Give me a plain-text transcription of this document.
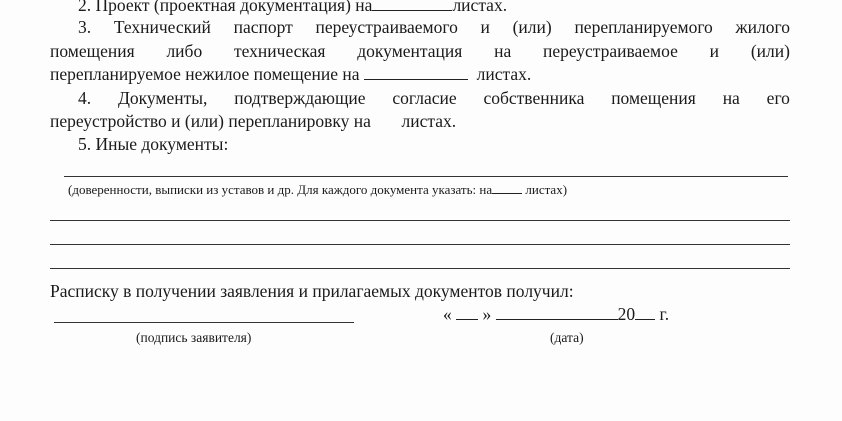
2. Проект (проектная документация) на	листах.
3. Технический паспорт переустраиваемого и (или) перепланируемого жилого
помещения либо техническая документация на переустраиваемое и (или)
перепланируемое нежилое помещение на	листах.
4. Документы, подтверждающие согласие собственника помещения на его
переустройство и (или) перепланировку на       листах.
5. Иные документы:
(доверенности, выписки из уставов и др. Для каждого документа указать: на	листах)
Расписку в получении заявления и прилагаемых документов получил:
(подпись заявителя)
« »	20 г.
(дата)
